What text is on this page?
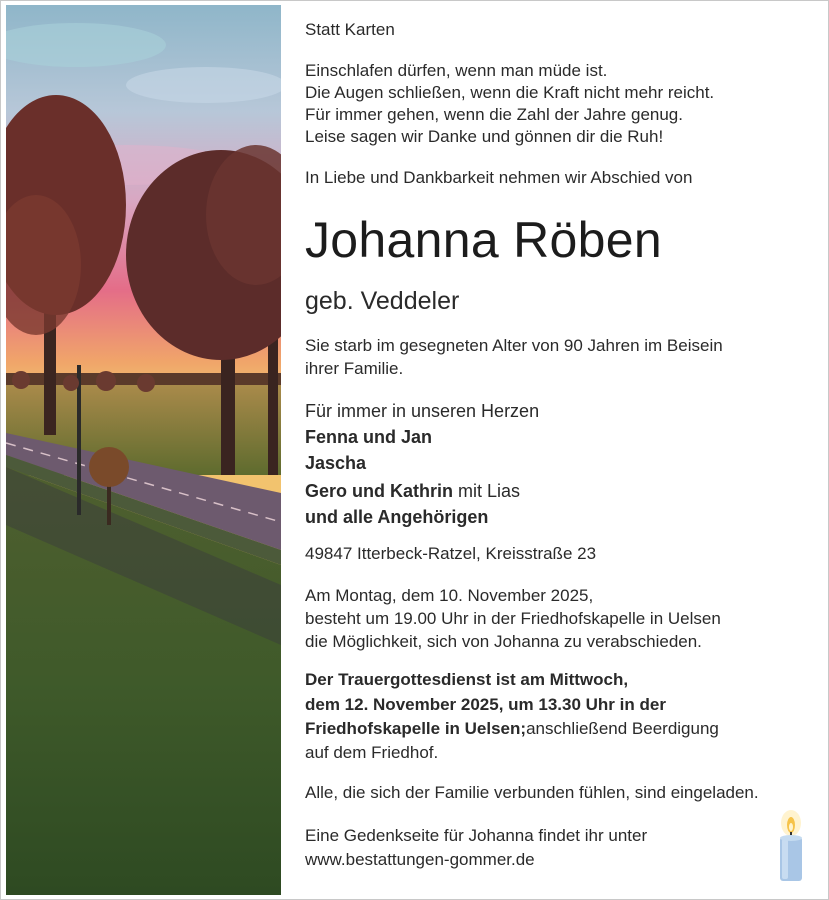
Statt Karten
Einschlafen dürfen, wenn man müde ist.
Die Augen schließen, wenn die Kraft nicht mehr reicht.
Für immer gehen, wenn die Zahl der Jahre genug.
Leise sagen wir Danke und gönnen dir die Ruh!
In Liebe und Dankbarkeit nehmen wir Abschied von
Johanna Röben
geb. Veddeler
Sie starb im gesegneten Alter von 90 Jahren im Beisein
ihrer Familie.
Für immer in unseren Herzen
Fenna und Jan
Jascha
Gero und Kathrin mit Lias
und alle Angehörigen
49847 Itterbeck-Ratzel, Kreisstraße 23
Am Montag, dem 10. November 2025,
besteht um 19.00 Uhr in der Friedhofskapelle in Uelsen
die Möglichkeit, sich von Johanna zu verabschieden.
Der Trauergottesdienst ist am Mittwoch,
dem 12. November 2025, um 13.30 Uhr in der
Friedhofskapelle in Uelsen;anschließend Beerdigung
auf dem Friedhof.
Alle, die sich der Familie verbunden fühlen, sind eingeladen.
Eine Gedenkseite für Johanna findet ihr unter
www.bestattungen-gommer.de
